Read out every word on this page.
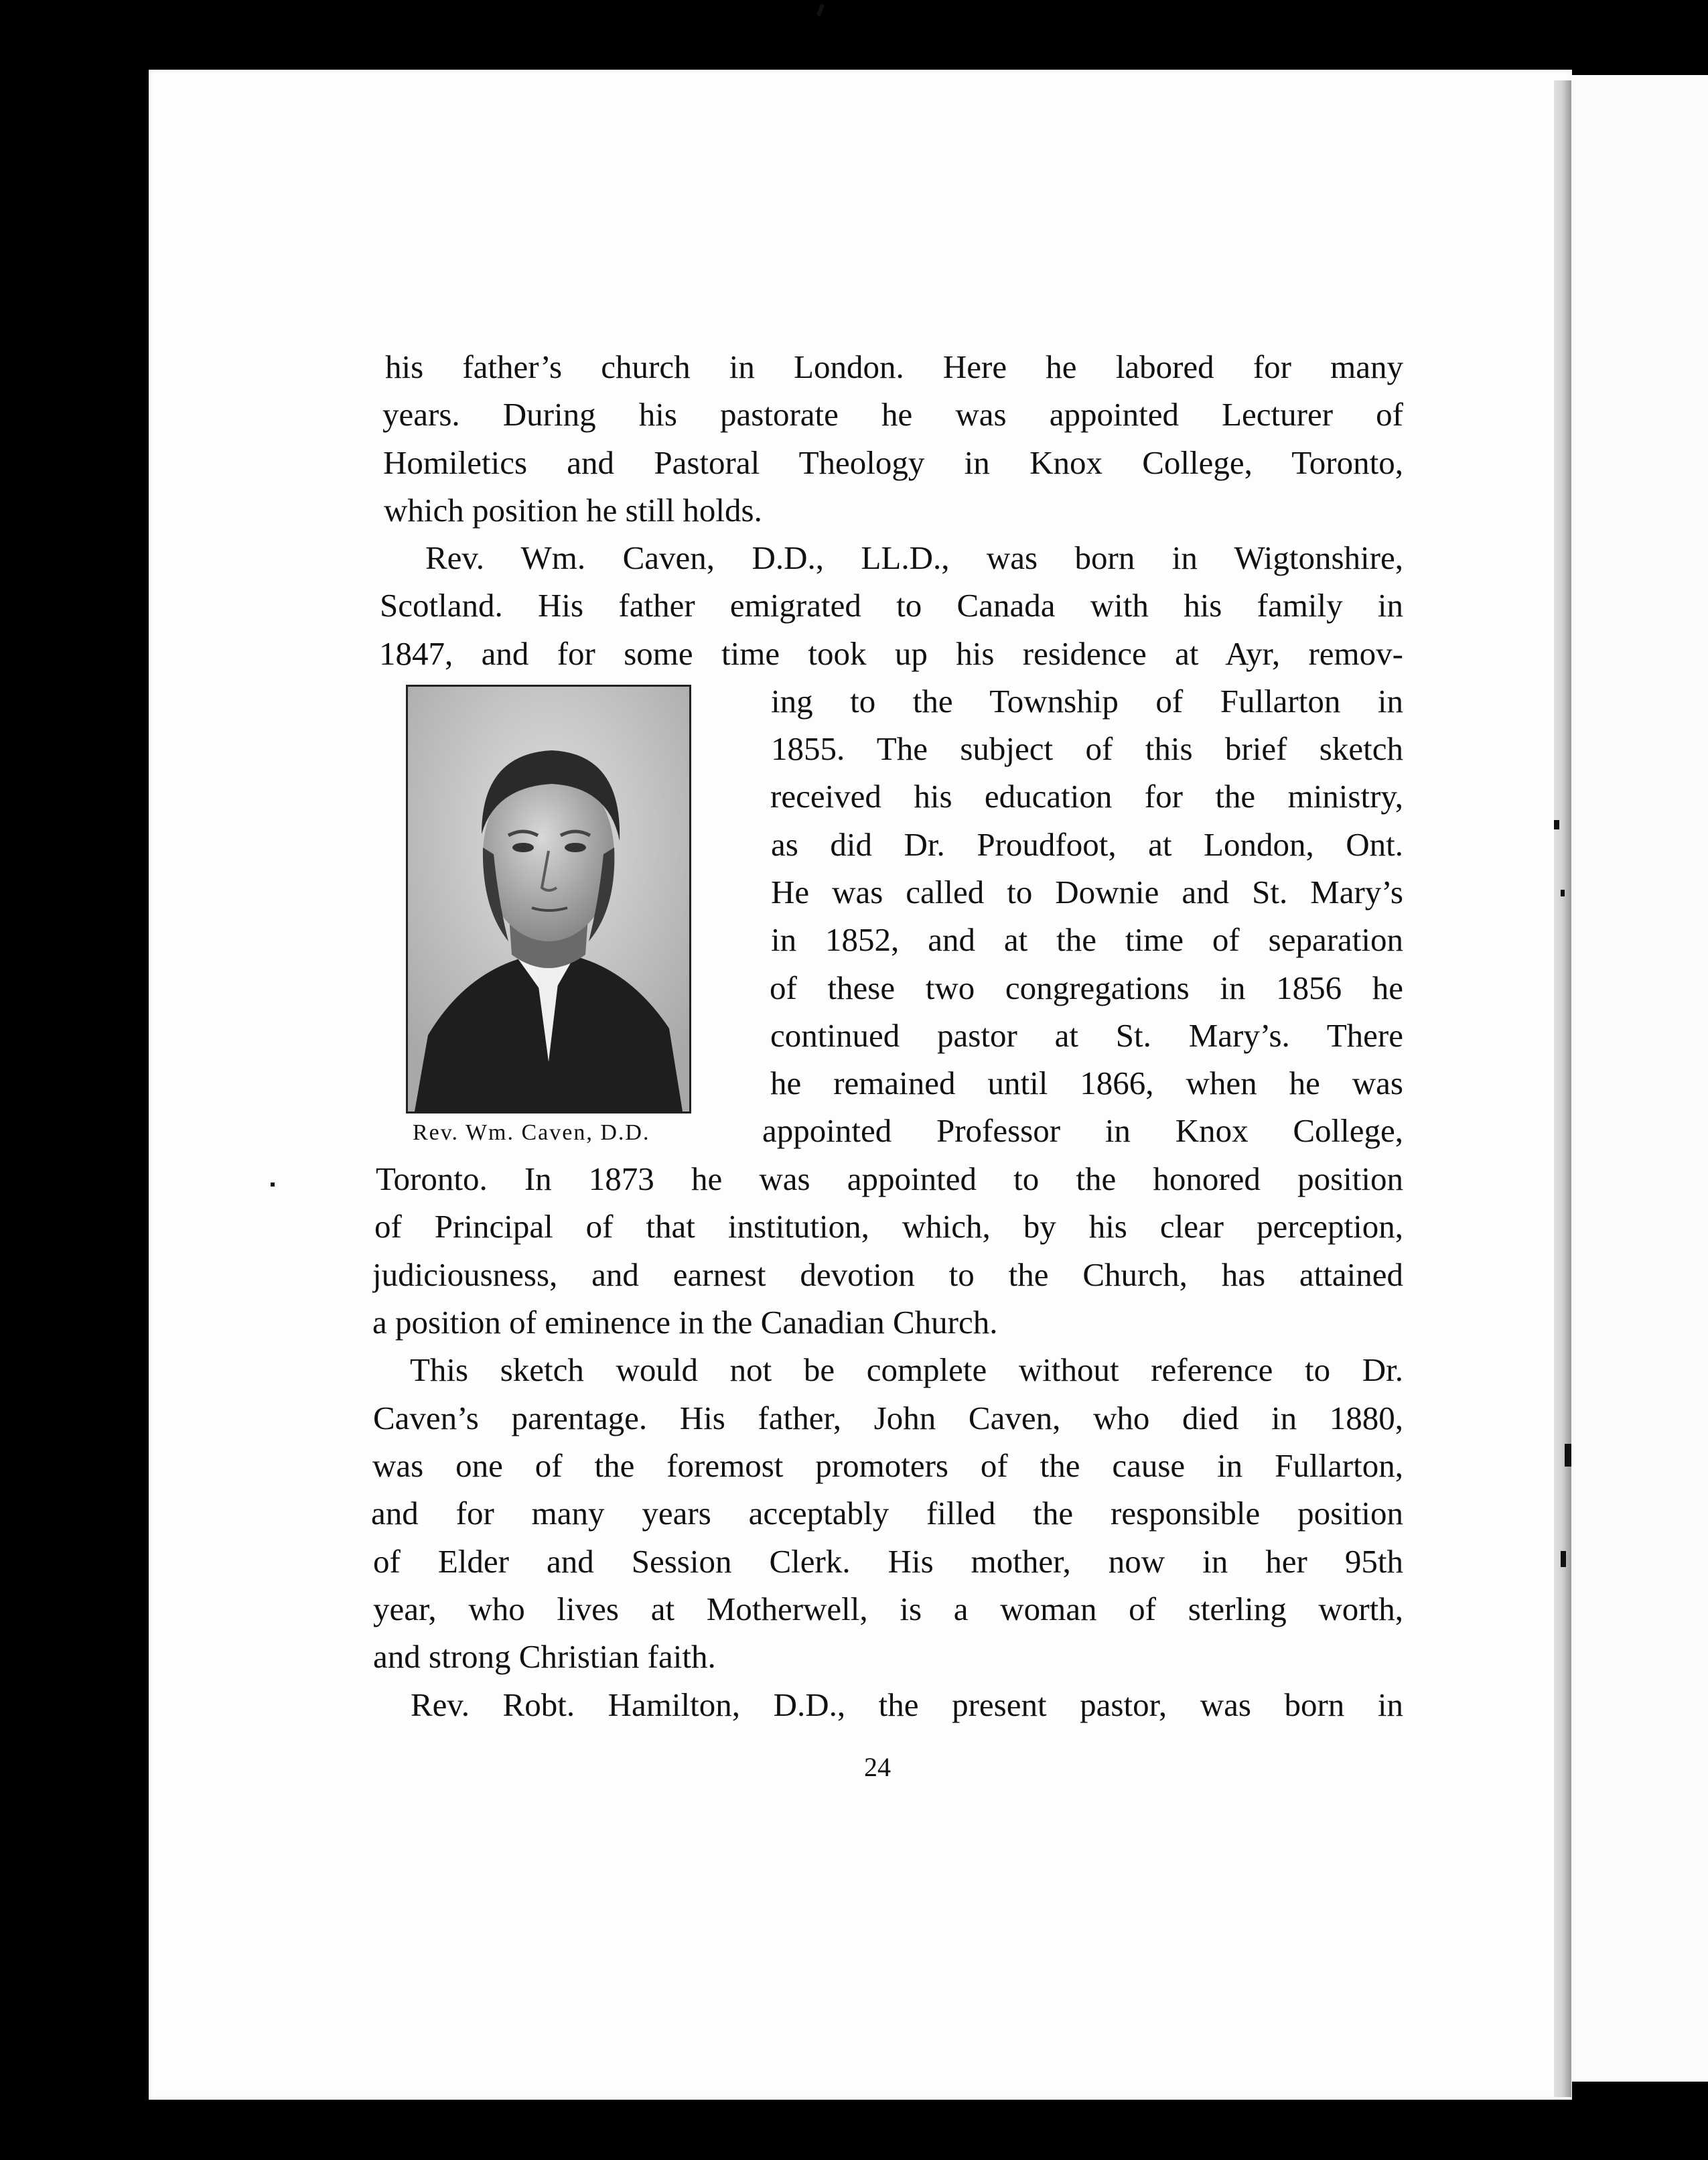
his father’s church in London. Here he labored for many
years. During his pastorate he was appointed Lecturer of
Homiletics and Pastoral Theology in Knox College, Toronto,
which position he still holds.
Rev. Wm. Caven, D.D., LL.D., was born in Wigtonshire,
Scotland. His father emigrated to Canada with his family in
1847, and for some time took up his residence at Ayr, remov-
ing to the Township of Fullarton in
1855. The subject of this brief sketch
received his education for the ministry,
as did Dr. Proudfoot, at London, Ont.
He was called to Downie and St. Mary’s
in 1852, and at the time of separation
of these two congregations in 1856 he
continued pastor at St. Mary’s. There
he remained until 1866, when he was
appointed Professor in Knox College,
Rev. Wm. Caven, D.D.
Toronto. In 1873 he was appointed to the honored position
of Principal of that institution, which, by his clear perception,
judiciousness, and earnest devotion to the Church, has attained
a position of eminence in the Canadian Church.
This sketch would not be complete without reference to Dr.
Caven’s parentage. His father, John Caven, who died in 1880,
was one of the foremost promoters of the cause in Fullarton,
and for many years acceptably filled the responsible position
of Elder and Session Clerk. His mother, now in her 95th
year, who lives at Motherwell, is a woman of sterling worth,
and strong Christian faith.
Rev. Robt. Hamilton, D.D., the present pastor, was born in
24
